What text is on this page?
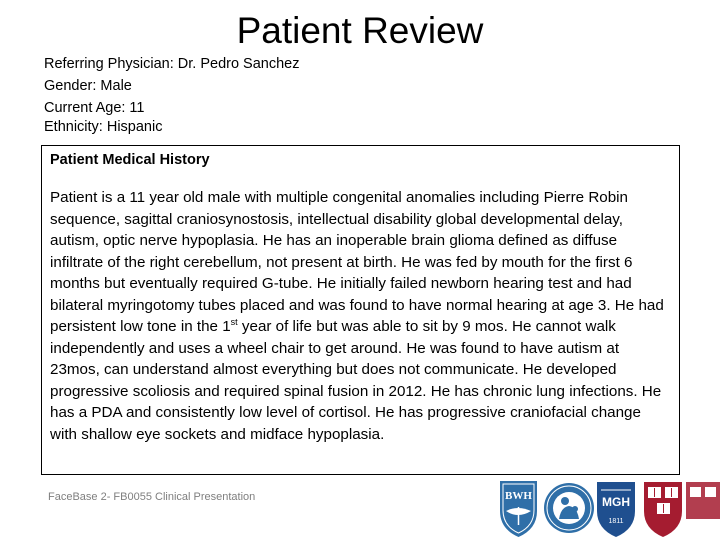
Patient Review
Referring Physician: Dr. Pedro Sanchez
Gender: Male
Current Age: 11
Ethnicity: Hispanic
Patient Medical History
Patient is a 11 year old male with multiple congenital anomalies including Pierre Robin sequence, sagittal craniosynostosis, intellectual disability global developmental delay, autism, optic nerve hypoplasia. He has an inoperable brain glioma defined as diffuse infiltrate of the right cerebellum, not present at birth. He was fed by mouth for the first 6 months but eventually required G-tube. He initially failed newborn hearing test and had bilateral myringotomy tubes placed and was found to have normal hearing at age 3. He had persistent low tone in the 1st year of life but was able to sit by 9 mos. He cannot walk independently and uses a wheel chair to get around. He was found to have autism at 23mos, can understand almost everything but does not communicate. He developed progressive scoliosis and required spinal fusion in 2012. He has chronic lung infections. He has a PDA and consistently low level of cortisol. He has progressive craniofacial change with shallow eye sockets and midface hypoplasia.
FaceBase 2- FB0055 Clinical Presentation	BWH	MGH
1811
